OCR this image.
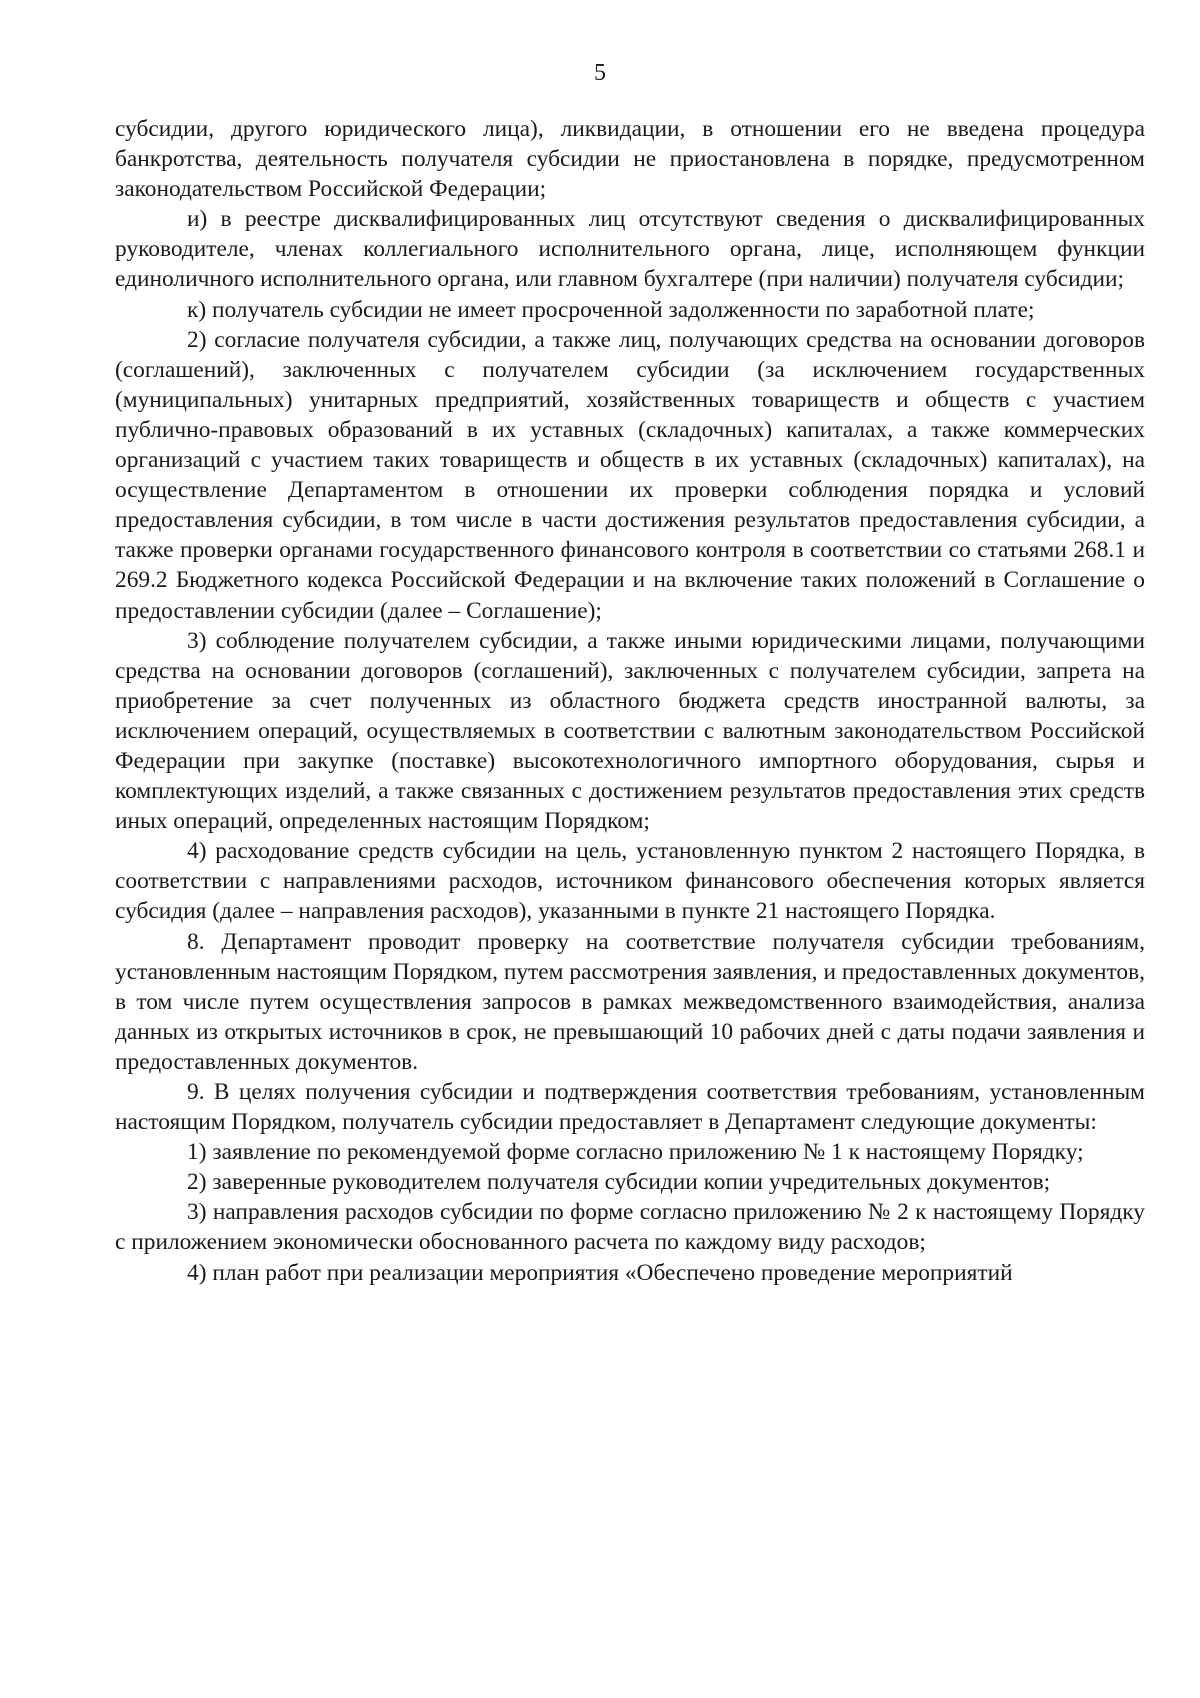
5

субсидии, другого юридического лица), ликвидации, в отношении его не введена процедура банкротства, деятельность получателя субсидии не приостановлена в порядке, предусмотренном законодательством Российской Федерации;

и) в реестре дисквалифицированных лиц отсутствуют сведения о дисквалифицированных руководителе, членах коллегиального исполнительного органа, лице, исполняющем функции единоличного исполнительного органа, или главном бухгалтере (при наличии) получателя субсидии;

к) получатель субсидии не имеет просроченной задолженности по заработной плате;

2) согласие получателя субсидии, а также лиц, получающих средства на основании договоров (соглашений), заключенных с получателем субсидии (за исключением государственных (муниципальных) унитарных предприятий, хозяйственных товариществ и обществ с участием публично-правовых образований в их уставных (складочных) капиталах, а также коммерческих организаций с участием таких товариществ и обществ в их уставных (складочных) капиталах), на осуществление Департаментом в отношении их проверки соблюдения порядка и условий предоставления субсидии, в том числе в части достижения результатов предоставления субсидии, а также проверки органами государственного финансового контроля в соответствии со статьями 268.1 и 269.2 Бюджетного кодекса Российской Федерации и на включение таких положений в Соглашение о предоставлении субсидии (далее – Соглашение);

3) соблюдение получателем субсидии, а также иными юридическими лицами, получающими средства на основании договоров (соглашений), заключенных с получателем субсидии, запрета на приобретение за счет полученных из областного бюджета средств иностранной валюты, за исключением операций, осуществляемых в соответствии с валютным законодательством Российской Федерации при закупке (поставке) высокотехнологичного импортного оборудования, сырья и комплектующих изделий, а также связанных с достижением результатов предоставления этих средств иных операций, определенных настоящим Порядком;

4) расходование средств субсидии на цель, установленную пунктом 2 настоящего Порядка, в соответствии с направлениями расходов, источником финансового обеспечения которых является субсидия (далее – направления расходов), указанными в пункте 21 настоящего Порядка.

8. Департамент проводит проверку на соответствие получателя субсидии требованиям, установленным настоящим Порядком, путем рассмотрения заявления, и предоставленных документов, в том числе путем осуществления запросов в рамках межведомственного взаимодействия, анализа данных из открытых источников в срок, не превышающий 10 рабочих дней с даты подачи заявления и предоставленных документов.

9. В целях получения субсидии и подтверждения соответствия требованиям, установленным настоящим Порядком, получатель субсидии предоставляет в Департамент следующие документы:

1) заявление по рекомендуемой форме согласно приложению № 1 к настоящему Порядку;

2) заверенные руководителем получателя субсидии копии учредительных документов;

3) направления расходов субсидии по форме согласно приложению № 2 к настоящему Порядку с приложением экономически обоснованного расчета по каждому виду расходов;

4) план работ при реализации мероприятия «Обеспечено проведение мероприятий
